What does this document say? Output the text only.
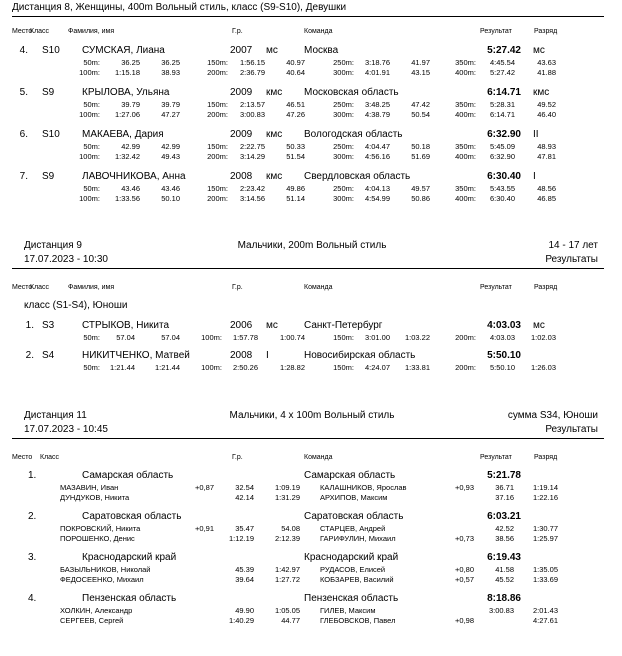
Дистанция 8, Женщины, 400m Вольный стиль, класс (S9-S10), Девушки
Место
Класс	Фамилия, имя	Г.р.	Команда	Результат	Разряд
4. S10 СУМСКАЯ, Лиана	2007 мс	Москва	5:27.42 мс
50m:	36.25	36.25	150m: 1:56.15	40.97	250m: 3:18.76	41.97	350m: 4:45.54	43.63
100m: 1:15.18	38.93	200m: 2:36.79	40.64	300m: 4:01.91	43.15	400m: 5:27.42	41.88
5. S9	КРЫЛОВА, Ульяна	2009 кмс Московская область	6:14.71 кмс
50m:	39.79	39.79	150m: 2:13.57	46.51	250m: 3:48.25	47.42	350m: 5:28.31	49.52
100m: 1:27.06	47.27	200m: 3:00.83	47.26	300m: 4:38.79	50.54	400m: 6:14.71	46.40
6. S10 МАКАЕВА, Дария	2009 кмс Вологодская область	6:32.90 II
50m:	42.99	42.99	150m: 2:22.75	50.33	250m: 4:04.47	50.18	350m: 5:45.09	48.93
100m: 1:32.42	49.43	200m: 3:14.29	51.54	300m: 4:56.16	51.69	400m: 6:32.90	47.81
7. S9	ЛАВОЧНИКОВА, Анна	2008 кмс Свердловская область	6:30.40 I
50m:	43.46	43.46	150m: 2:23.42	49.86	250m: 4:04.13	49.57	350m: 5:43.55	48.56
100m: 1:33.56	50.10	200m: 3:14.56	51.14	300m: 4:54.99	50.86	400m: 6:30.40	46.85
Дистанция 9	Мальчики, 200m Вольный стиль	14 - 17 лет
17.07.2023 - 10:30	Результаты
Место
Класс	Фамилия, имя	Г.р.	Команда	Результат	Разряд
класс (S1-S4), Юноши
1. S3	СТРЫКОВ, Никита	2006 мс	Санкт-Петербург	4:03.03 мс
50m: 57.04	57.04	100m: 1:57.78	1:00.74	150m: 3:01.00 1:03.22	200m: 4:03.03 1:02.03
2. S4	НИКИТЧЕНКО, Матвей	2008 I	Новосибирская область	5:50.10
50m: 1:21.44	1:21.44	100m: 2:50.26	1:28.82	150m: 4:24.07 1:33.81	200m: 5:50.10 1:26.03
Дистанция 11	Мальчики, 4 x 100m Вольный стиль	сумма S34, Юноши
17.07.2023 - 10:45	Результаты
Место Класс	Г.р.	Команда	Результат	Разряд
1.	Самарская область	Самарская область	5:21.78
МАЗАВИН, Иван	+0,87	32.54	1:09.19	КАЛАШНИКОВ, Ярослав	+0,93	36.71	1:19.14
ДУНДУКОВ, Никита	42.14	1:31.29	АРХИПОВ, Максим	37.16	1:22.16
2.	Саратовская область	Саратовская область	6:03.21
ПОКРОВСКИЙ, Никита	+0,91	35.47	54.08	СТАРЦЕВ, Андрей	42.52	1:30.77
ПОРОШЕНКО, Денис	1:12.19	2:12.39	ГАРИФУЛИН, Михаил	+0,73	38.56	1:25.97
3.	Краснодарский край	Краснодарский край	6:19.43
БАЗЫЛЬНИКОВ, Николай	45.39	1:42.97	РУДАСОВ, Елисей	+0,80	41.58	1:35.05
ФЕДОСЕЕНКО, Михаил	39.64	1:27.72	КОБЗАРЕВ, Василий	+0,57	45.52	1:33.69
4.	Пензенская область	Пензенская область	8:18.86
ХОЛКИН, Александр	49.90	1:05.05	ГИЛЕВ, Максим	3:00.83	2:01.43
СЕРГЕЕВ, Сергей	1:40.29	44.77	ГЛЕБОВСКОВ, Павел	+0,98	4:27.61
